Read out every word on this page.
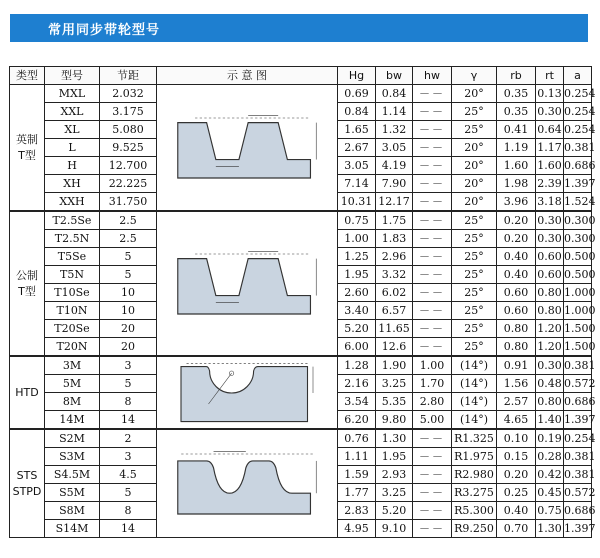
常用同步带轮型号
类型	型号	节距	示 意 图	Hg	bw	hw	γ	rb	rt	a
英制
T型	MXL	2.032		0.69	0.84	－－	20°	0.35	0.13	0.254
	XXL	3.175		0.84	1.14	－－	25°	0.35	0.30	0.254
	XL	5.080		1.65	1.32	－－	25°	0.41	0.64	0.254
	L	9.525		2.67	3.05	－－	20°	1.19	1.17	0.381
	H	12.700		3.05	4.19	－－	20°	1.60	1.60	0.686
	XH	22.225		7.14	7.90	－－	20°	1.98	2.39	1.397
	XXH	31.750		10.31	12.17	－－	20°	3.96	3.18	1.524
公制
T型	T2.5Se	2.5		0.75	1.75	－－	25°	0.20	0.30	0.300
	T2.5N	2.5		1.00	1.83	－－	25°	0.20	0.30	0.300
	T5Se	5		1.25	2.96	－－	25°	0.40	0.60	0.500
	T5N	5		1.95	3.32	－－	25°	0.40	0.60	0.500
	T10Se	10		2.60	6.02	－－	25°	0.60	0.80	1.000
	T10N	10		3.40	6.57	－－	25°	0.60	0.80	1.000
	T20Se	20		5.20	11.65	－－	25°	0.80	1.20	1.500
	T20N	20		6.00	12.6	－－	25°	0.80	1.20	1.500
HTD	3M	3		1.28	1.90	1.00	(14°)	0.91	0.30	0.381
	5M	5		2.16	3.25	1.70	(14°)	1.56	0.48	0.572
	8M	8		3.54	5.35	2.80	(14°)	2.57	0.80	0.686
	14M	14		6.20	9.80	5.00	(14°)	4.65	1.40	1.397
STS
STPD	S2M	2		0.76	1.30	－－	R1.325	0.10	0.19	0.254
	S3M	3		1.11	1.95	－－	R1.975	0.15	0.28	0.381
	S4.5M	4.5		1.59	2.93	－－	R2.980	0.20	0.42	0.381
	S5M	5		1.77	3.25	－－	R3.275	0.25	0.45	0.572
	S8M	8		2.83	5.20	－－	R5.300	0.40	0.75	0.686
	S14M	14		4.95	9.10	－－	R9.250	0.70	1.30	1.397
